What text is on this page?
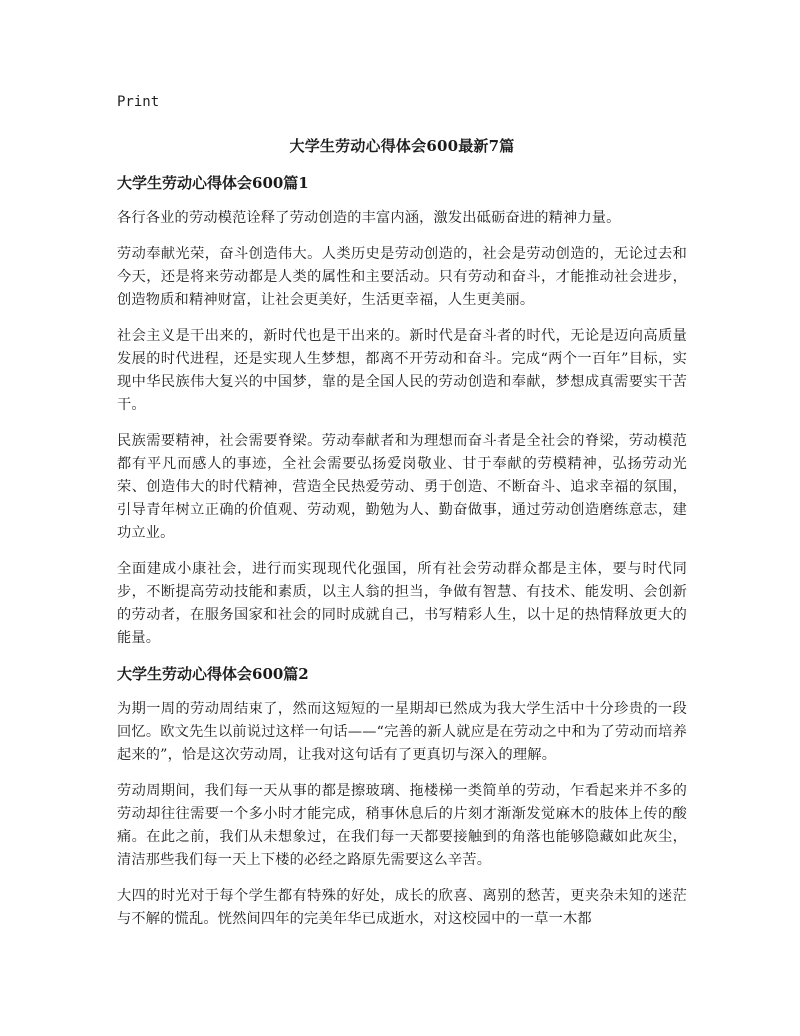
Print
大学生劳动心得体会600最新7篇
大学生劳动心得体会600篇1

各行各业的劳动模范诠释了劳动创造的丰富内涵，激发出砥砺奋进的精神力量。

劳动奉献光荣，奋斗创造伟大。人类历史是劳动创造的，社会是劳动创造的，无论过去和今天，还是将来劳动都是人类的属性和主要活动。只有劳动和奋斗，才能推动社会进步，创造物质和精神财富，让社会更美好，生活更幸福，人生更美丽。

社会主义是干出来的，新时代也是干出来的。新时代是奋斗者的时代，无论是迈向高质量发展的时代进程，还是实现人生梦想，都离不开劳动和奋斗。完成“两个一百年”目标，实现中华民族伟大复兴的中国梦，靠的是全国人民的劳动创造和奉献，梦想成真需要实干苦干。

民族需要精神，社会需要脊梁。劳动奉献者和为理想而奋斗者是全社会的脊梁，劳动模范都有平凡而感人的事迹，全社会需要弘扬爱岗敬业、甘于奉献的劳模精神，弘扬劳动光荣、创造伟大的时代精神，营造全民热爱劳动、勇于创造、不断奋斗、追求幸福的氛围，引导青年树立正确的价值观、劳动观，勤勉为人、勤奋做事，通过劳动创造磨练意志，建功立业。

全面建成小康社会，进行而实现现代化强国，所有社会劳动群众都是主体，要与时代同步，不断提高劳动技能和素质，以主人翁的担当，争做有智慧、有技术、能发明、会创新的劳动者，在服务国家和社会的同时成就自己，书写精彩人生，以十足的热情释放更大的能量。

大学生劳动心得体会600篇2

为期一周的劳动周结束了，然而这短短的一星期却已然成为我大学生活中十分珍贵的一段回忆。欧文先生以前说过这样一句话——“完善的新人就应是在劳动之中和为了劳动而培养起来的”，恰是这次劳动周，让我对这句话有了更真切与深入的理解。

劳动周期间，我们每一天从事的都是擦玻璃、拖楼梯一类简单的劳动，乍看起来并不多的劳动却往往需要一个多小时才能完成，稍事休息后的片刻才渐渐发觉麻木的肢体上传的酸痛。在此之前，我们从未想象过，在我们每一天都要接触到的角落也能够隐藏如此灰尘，清洁那些我们每一天上下楼的必经之路原先需要这么辛苦。

大四的时光对于每个学生都有特殊的好处，成长的欣喜、离别的愁苦，更夹杂未知的迷茫与不解的慌乱。恍然间四年的完美年华已成逝水，对这校园中的一草一木都
